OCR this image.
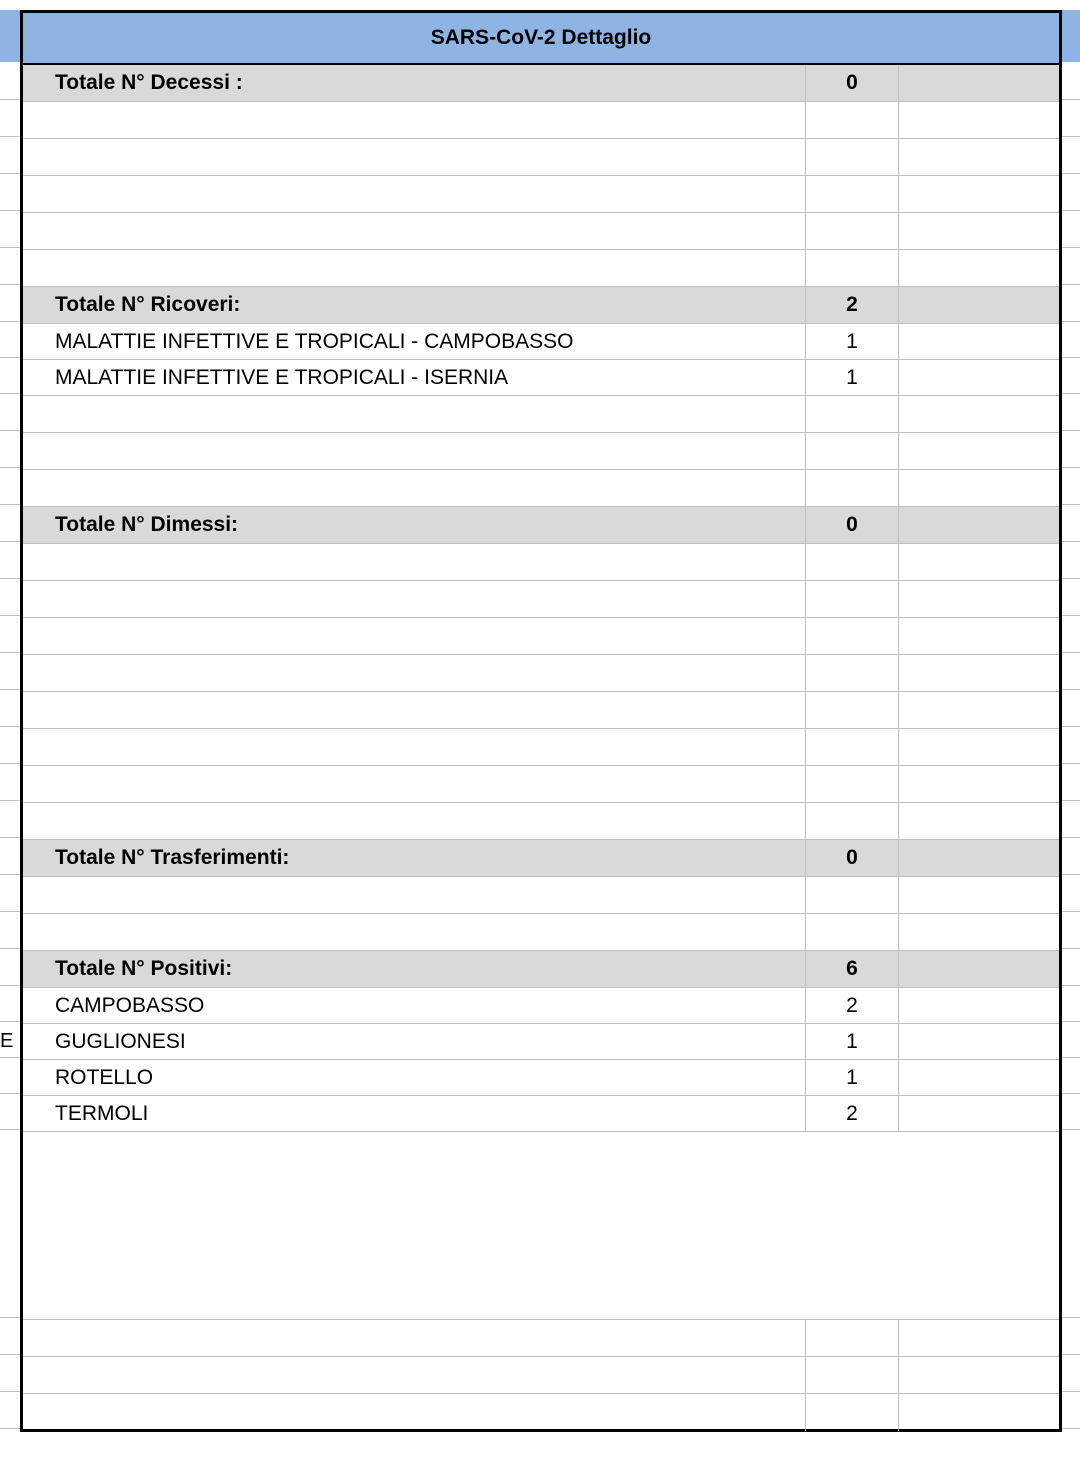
E
SARS-CoV-2 Dettaglio
Totale N° Decessi :	0
Totale N° Ricoveri:	2
MALATTIE INFETTIVE E TROPICALI - CAMPOBASSO	1
MALATTIE INFETTIVE E TROPICALI - ISERNIA	1
Totale N° Dimessi:	0
Totale N° Trasferimenti:	0
Totale N° Positivi:	6
CAMPOBASSO	2
GUGLIONESI	1
ROTELLO	1
TERMOLI	2
